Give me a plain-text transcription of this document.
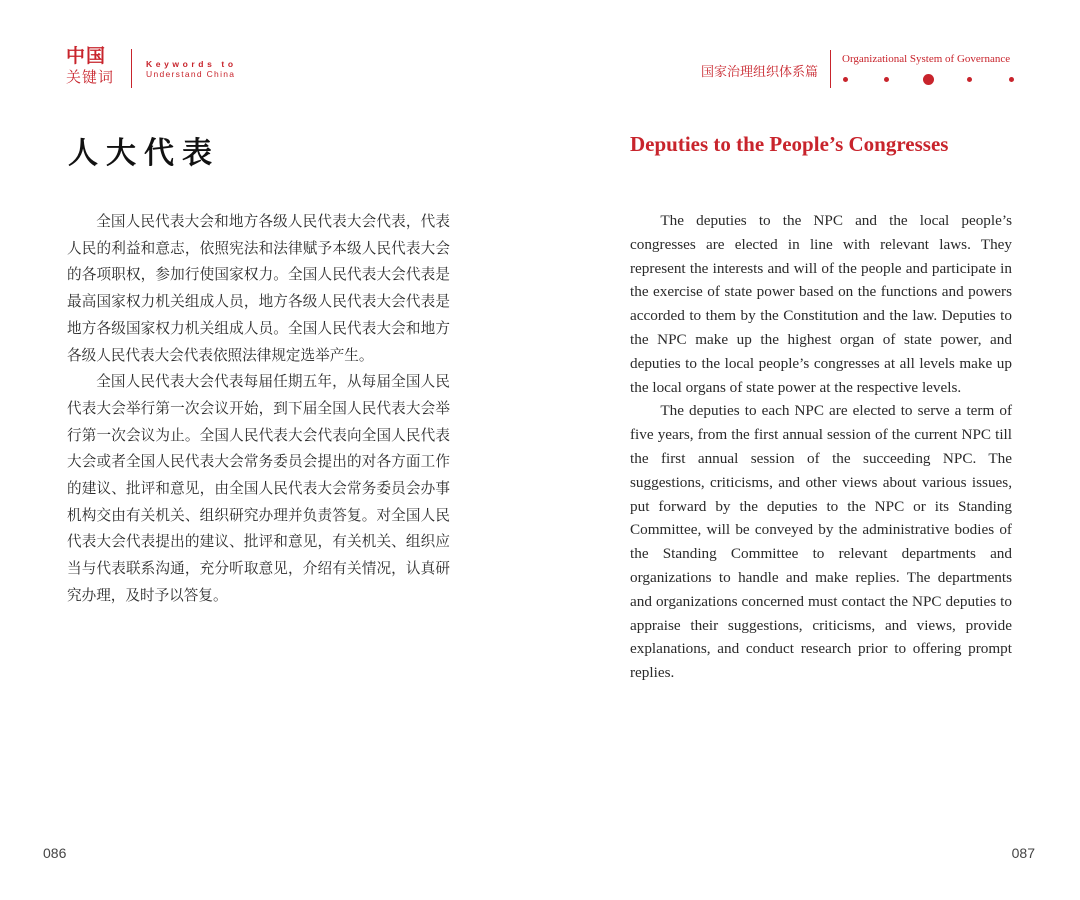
中国
关键词
Keywords to
Understand China	国家治理组织体系篇
Organizational System of Governance
人大代表	Deputies to the People’s Congresses

全国人民代表大会和地方各级人民代表大会代表，代表人民的利益和意志，依照宪法和法律赋予本级人民代表大会的各项职权，参加行使国家权力。全国人民代表大会代表是最高国家权力机关组成人员，地方各级人民代表大会代表是地方各级国家权力机关组成人员。全国人民代表大会和地方各级人民代表大会代表依照法律规定选举产生。

全国人民代表大会代表每届任期五年，从每届全国人民代表大会举行第一次会议开始，到下届全国人民代表大会举行第一次会议为止。全国人民代表大会代表向全国人民代表大会或者全国人民代表大会常务委员会提出的对各方面工作的建议、批评和意见，由全国人民代表大会常务委员会办事机构交由有关机关、组织研究办理并负责答复。对全国人民代表大会代表提出的建议、批评和意见，有关机关、组织应当与代表联系沟通，充分听取意见，介绍有关情况，认真研究办理，及时予以答复。

The deputies to the NPC and the local people’s congresses are elected in line with relevant laws. They represent the interests and will of the people and participate in the exercise of state power based on the functions and powers accorded to them by the Constitution and the law. Deputies to the NPC make up the highest organ of state power, and deputies to the local people’s congresses at all levels make up the local organs of state power at the respective levels.

The deputies to each NPC are elected to serve a term of five years, from the first annual session of the current NPC till the first annual session of the succeeding NPC. The suggestions, criticisms, and other views about various issues, put forward by the deputies to the NPC or its Standing Committee, will be conveyed by the administrative bodies of the Standing Committee to relevant departments and organizations to handle and make replies. The departments and organizations concerned must contact the NPC deputies to appraise their suggestions, criticisms, and views, provide explanations, and conduct research prior to offering prompt replies.

086	087
